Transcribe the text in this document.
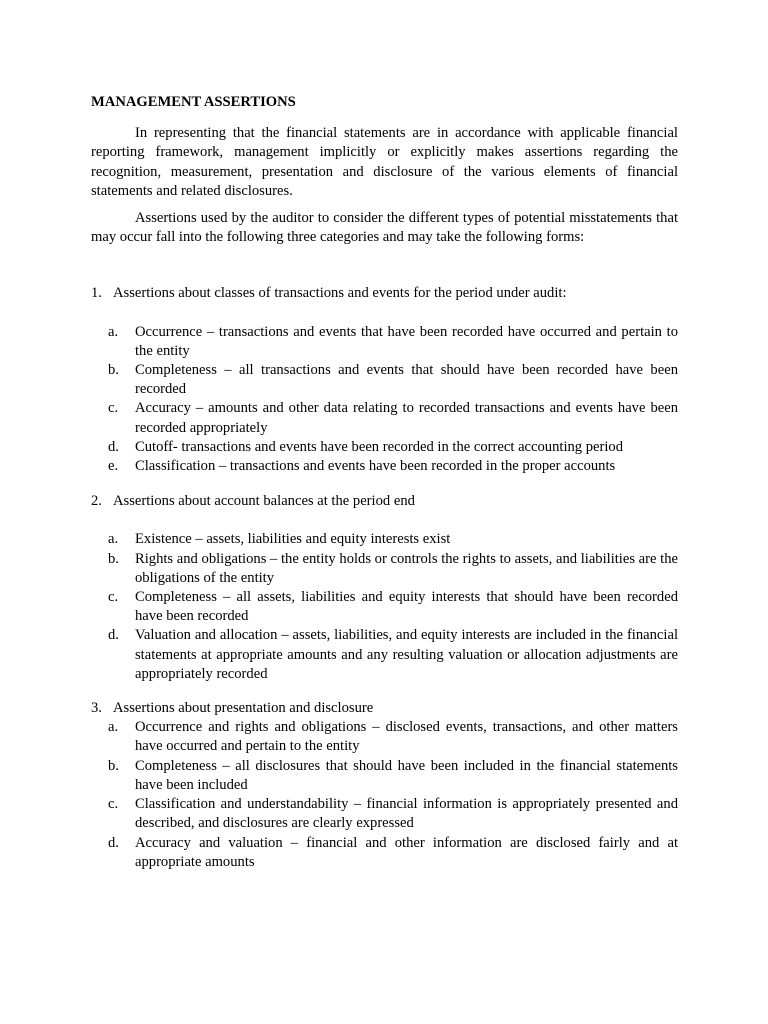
MANAGEMENT ASSERTIONS

In representing that the financial statements are in accordance with applicable financial reporting framework, management implicitly or explicitly makes assertions regarding the recognition, measurement, presentation and disclosure of the various elements of financial statements and related disclosures.

Assertions used by the auditor to consider the different types of potential misstatements that may occur fall into the following three categories and may take the following forms:

1. Assertions about classes of transactions and events for the period under audit:
a. Occurrence – transactions and events that have been recorded have occurred and pertain to the entity
b. Completeness – all transactions and events that should have been recorded have been recorded
c. Accuracy – amounts and other data relating to recorded transactions and events have been recorded appropriately
d. Cutoff- transactions and events have been recorded in the correct accounting period
e. Classification – transactions and events have been recorded in the proper accounts
2. Assertions about account balances at the period end
a. Existence – assets, liabilities and equity interests exist
b. Rights and obligations – the entity holds or controls the rights to assets, and liabilities are the obligations of the entity
c. Completeness – all assets, liabilities and equity interests that should have been recorded have been recorded
d. Valuation and allocation – assets, liabilities, and equity interests are included in the financial statements at appropriate amounts and any resulting valuation or allocation adjustments are appropriately recorded
3. Assertions about presentation and disclosure
a. Occurrence and rights and obligations – disclosed events, transactions, and other matters have occurred and pertain to the entity
b. Completeness – all disclosures that should have been included in the financial statements have been included
c. Classification and understandability – financial information is appropriately presented and described, and disclosures are clearly expressed
d. Accuracy and valuation – financial and other information are disclosed fairly and at appropriate amounts
